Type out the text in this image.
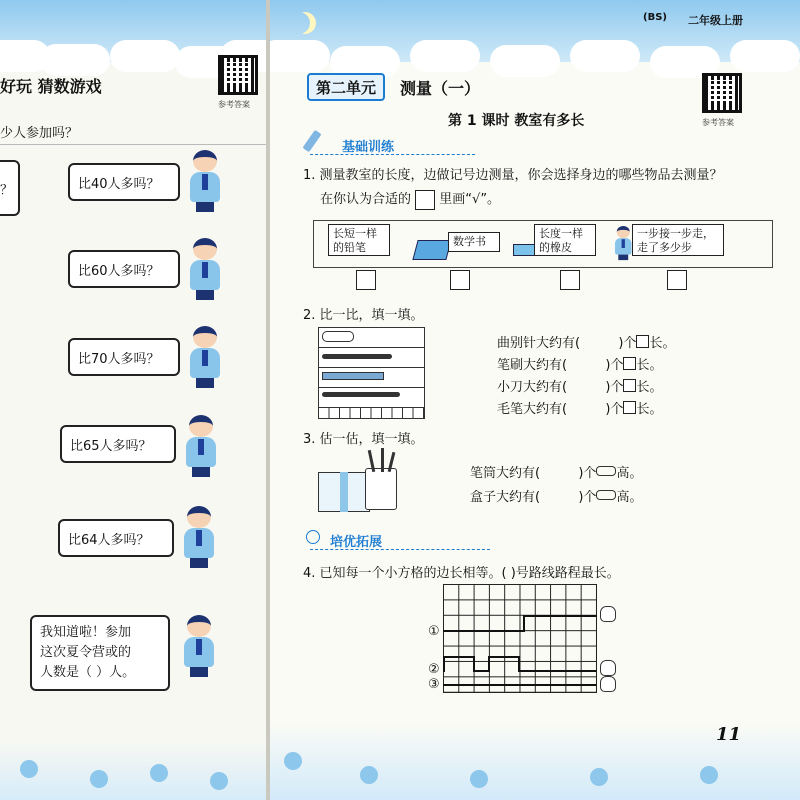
好玩 猜数游戏
参考答案
少人参加吗？
？	比40人多吗？
比60人多吗？
比70人多吗？
比65人多吗？
比64人多吗？
我知道啦！参加
这次夏令营或的
人数是（ ）人。
(BS) 二年级上册
参考答案
第二单元 测量（一）
第 1 课时 教室有多长
基础训练
1. 测量教室的长度，边做记号边测量，你会选择身边的哪些物品去测量？
在你认为合适的 里画“√”。
长短一样
的铅笔	数学书
长度一样
的橡皮
一步接一步走，
走了多少步
2. 比一比，填一填。
曲别针大约有(	)个 长。
笔刷大约有(	)个 长。
小刀大约有(	)个 长。
毛笔大约有(	)个 长。
3. 估一估，填一填。
笔筒大约有(	)个 高。
盒子大约有(	)个 高。
培优拓展
4. 已知每一个小方格的边长相等。( )号路线路程最长。
①
②
③
11
